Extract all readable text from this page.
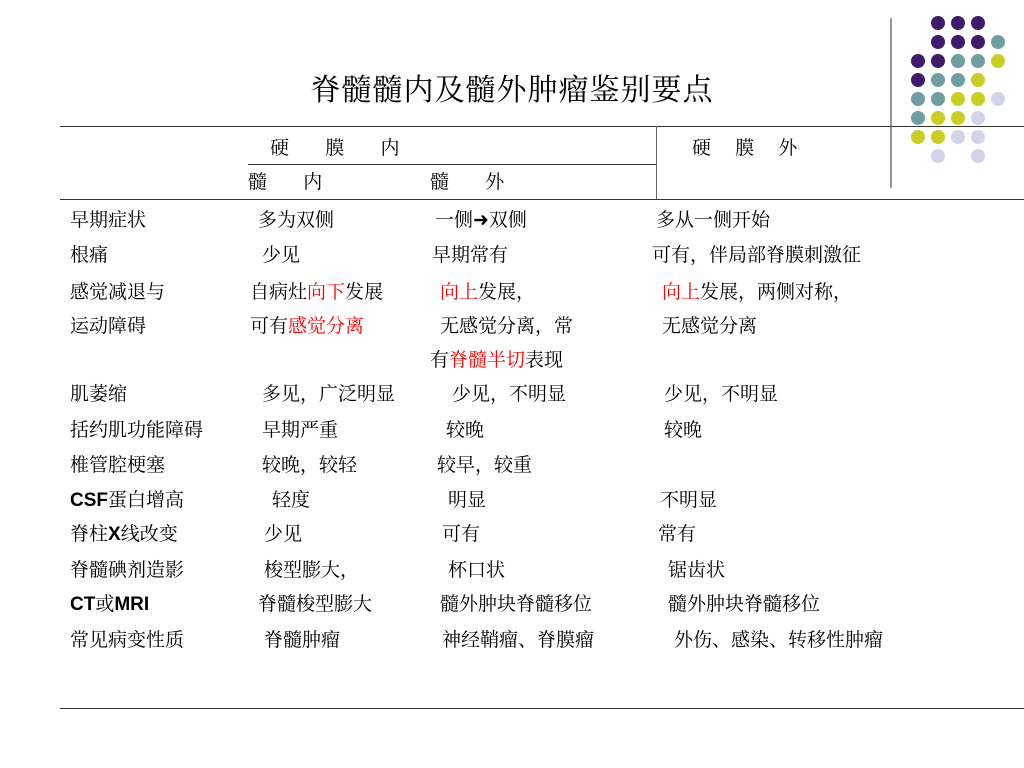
脊髓髓内及髓外肿瘤鉴别要点
硬      膜      内	硬    膜    外
髓      内	髓      外
早期症状	多为双侧	一侧➜双侧	多从一侧开始
根痛	少见	早期常有	可有，伴局部脊膜刺激征
感觉减退与	自病灶向下发展	向上发展，	向上发展，两侧对称，
运动障碍	可有感觉分离	无感觉分离，常	无感觉分离
有脊髓半切表现
肌萎缩	多见，广泛明显	少见，不明显	少见，不明显
括约肌功能障碍	早期严重	较晚	较晚
椎管腔梗塞	较晚，较轻	较早，较重
CSF蛋白增高	轻度	明显	不明显
脊柱X线改变	少见	可有	常有
脊髓碘剂造影	梭型膨大，	杯口状	锯齿状
CT或MRI	脊髓梭型膨大	髓外肿块脊髓移位	髓外肿块脊髓移位
常见病变性质	脊髓肿瘤	神经鞘瘤、脊膜瘤	外伤、感染、转移性肿瘤
